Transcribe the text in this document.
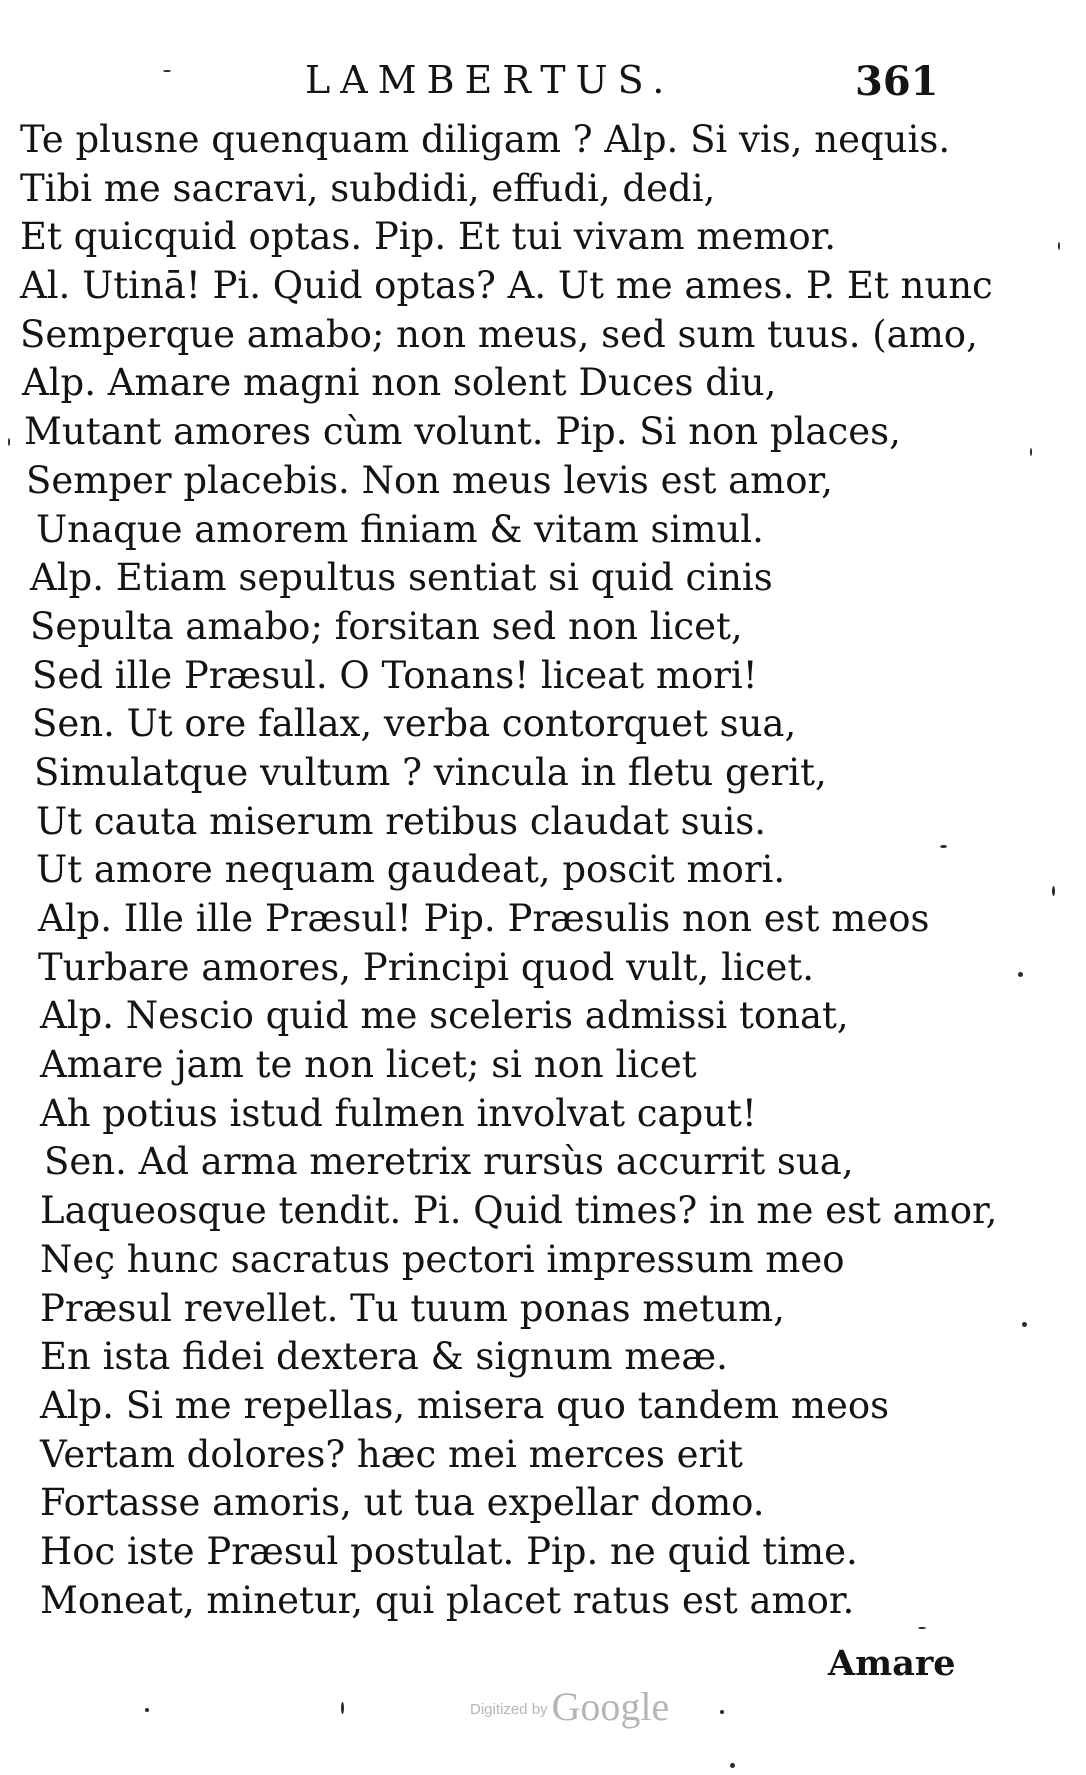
LAMBERTUS.	361
Te plusne quenquam diligam ? Alp. Si vis, nequis.
Tibi me sacravi, subdidi, effudi, dedi,
Et quicquid optas. Pip. Et tui vivam memor.
Al. Utinā! Pi. Quid optas? A. Ut me ames. P. Et nunc
Semperque amabo; non meus, sed sum tuus. (amo,
Alp. Amare magni non solent Duces diu,
Mutant amores cùm volunt. Pip. Si non places,
Semper placebis. Non meus levis est amor,
Unaque amorem finiam & vitam simul.
Alp. Etiam sepultus sentiat si quid cinis
Sepulta amabo; forsitan sed non licet,
Sed ille Præsul. O Tonans! liceat mori!
Sen. Ut ore fallax, verba contorquet sua,
Simulatque vultum ? vincula in fletu gerit,
Ut cauta miserum retibus claudat suis.
Ut amore nequam gaudeat, poscit mori.
Alp. Ille ille Præsul! Pip. Præsulis non est meos
Turbare amores, Principi quod vult, licet.
Alp. Nescio quid me sceleris admissi tonat,
Amare jam te non licet; si non licet
Ah potius istud fulmen involvat caput!
Sen. Ad arma meretrix rursùs accurrit sua,
Laqueosque tendit. Pi. Quid times? in me est amor,
Neç hunc sacratus pectori impressum meo
Præsul revellet. Tu tuum ponas metum,
En ista fidei dextera & signum meæ.
Alp. Si me repellas, misera quo tandem meos
Vertam dolores? hæc mei merces erit
Fortasse amoris, ut tua expellar domo.
Hoc iste Præsul postulat. Pip. ne quid time.
Moneat, minetur, qui placet ratus est amor.
Amare
Digitized by Google
